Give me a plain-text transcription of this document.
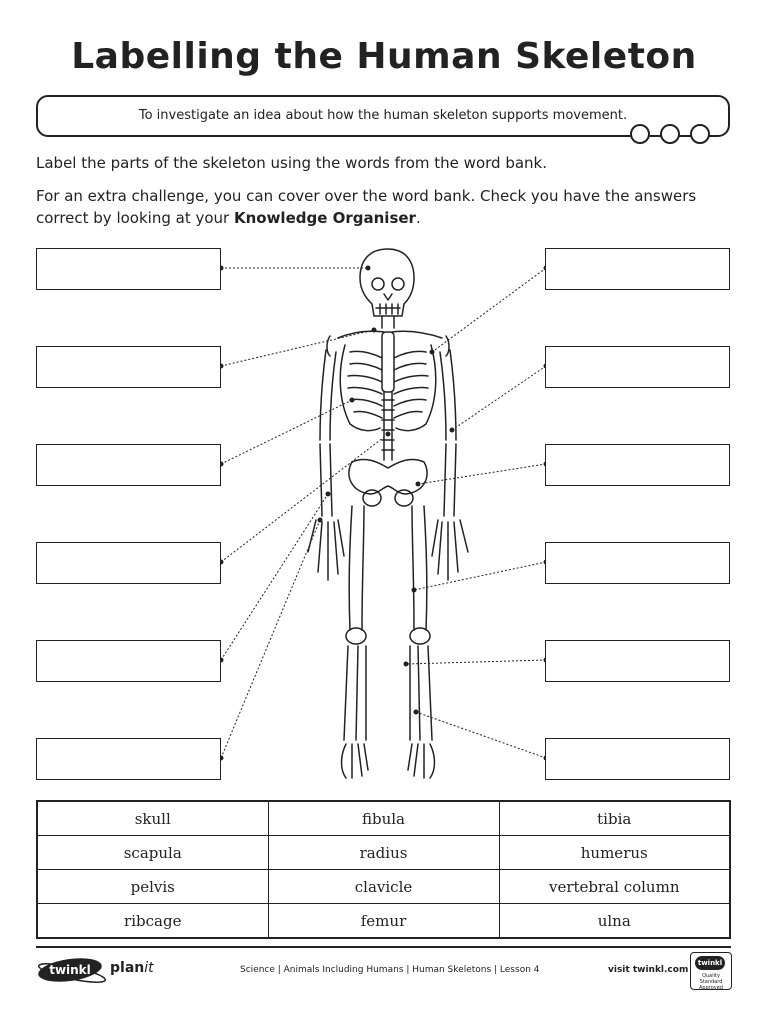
Labelling the Human Skeleton
To investigate an idea about how the human skeleton supports movement.
Label the parts of the skeleton using the words from the word bank.
For an extra challenge, you can cover over the word bank. Check you have the answers correct by looking at your Knowledge Organiser.
skull	fibula	tibia
scapula	radius	humerus
pelvis	clavicle	vertebral column
ribcage	femur	ulna
twinkl planit	Science | Animals Including Humans | Human Skeletons | Lesson 4	visit twinkl.com
twinkl
Quality Standard Approved
